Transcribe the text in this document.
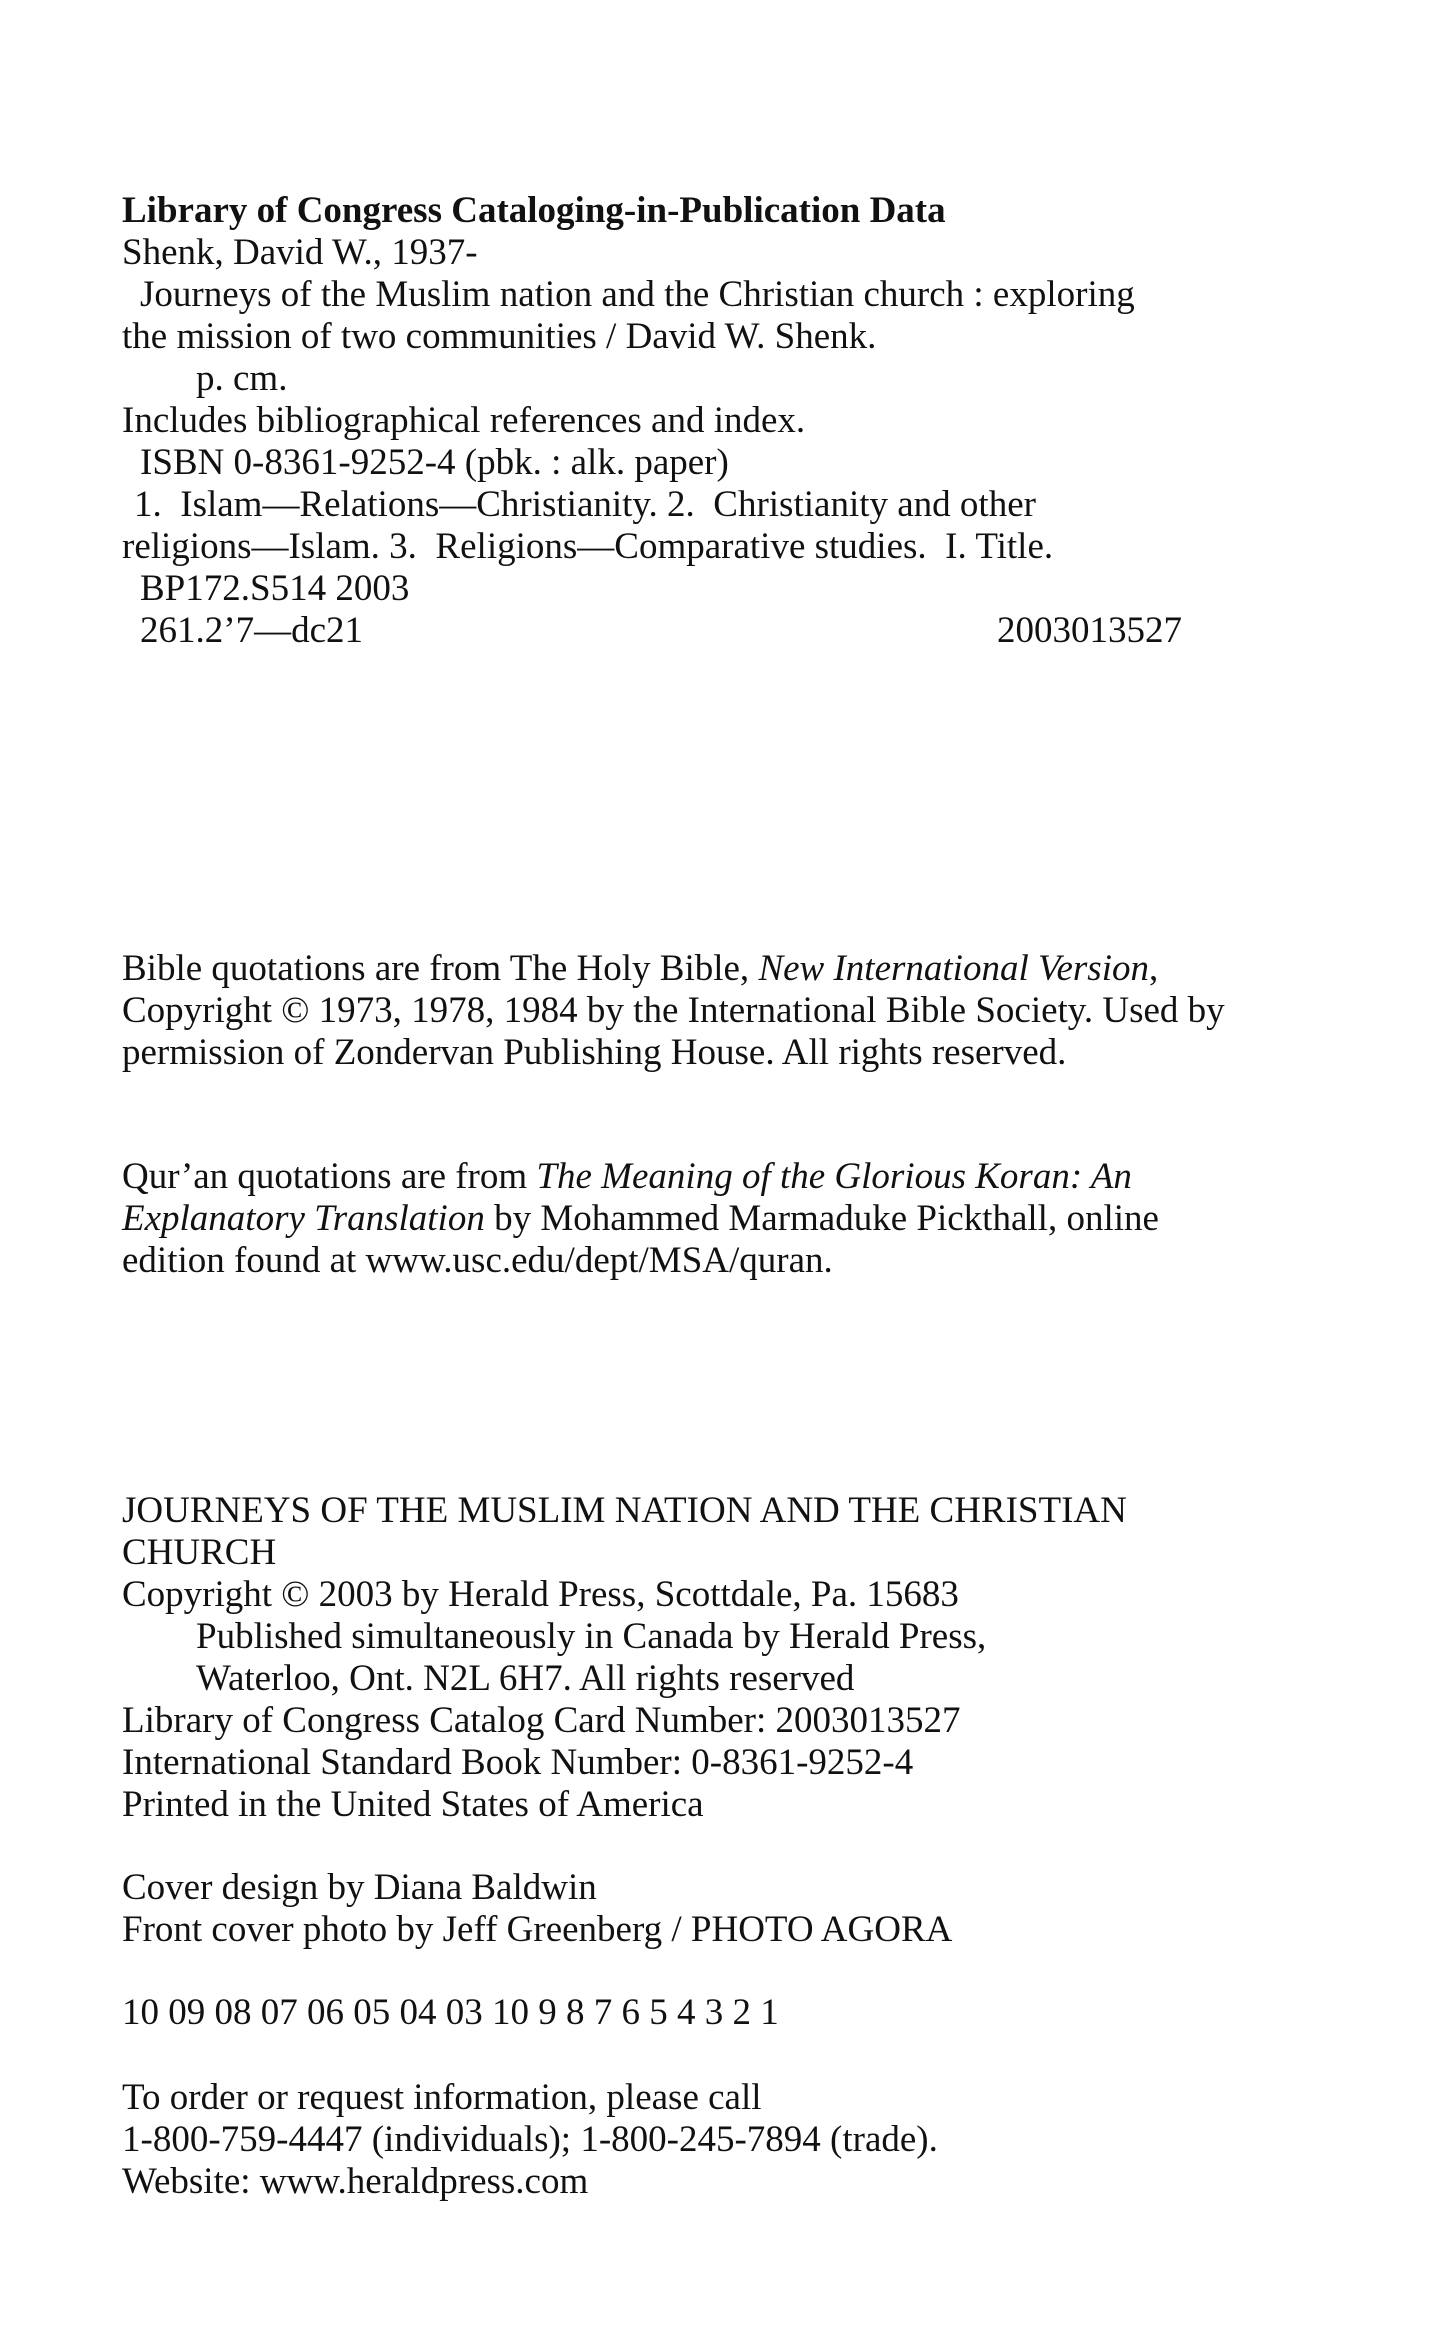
Library of Congress Cataloging-in-Publication Data
Shenk, David W., 1937-
Journeys of the Muslim nation and the Christian church : exploring
the mission of two communities / David W. Shenk.
p. cm.
Includes bibliographical references and index.
ISBN 0-8361-9252-4 (pbk. : alk. paper)
1.  Islam—Relations—Christianity. 2.  Christianity and other
religions—Islam. 3.  Religions—Comparative studies.  I. Title.
BP172.S514 2003
261.2’7—dc21	2003013527
Bible quotations are from The Holy Bible, New International Version,
Copyright © 1973, 1978, 1984 by the International Bible Society. Used by
permission of Zondervan Publishing House. All rights reserved.
Qur’an quotations are from The Meaning of the Glorious Koran: An
Explanatory Translation by Mohammed Marmaduke Pickthall, online
edition found at www.usc.edu/dept/MSA/quran.
JOURNEYS OF THE MUSLIM NATION AND THE CHRISTIAN
CHURCH
Copyright © 2003 by Herald Press, Scottdale, Pa. 15683
Published simultaneously in Canada by Herald Press,
Waterloo, Ont. N2L 6H7. All rights reserved
Library of Congress Catalog Card Number: 2003013527
International Standard Book Number: 0-8361-9252-4
Printed in the United States of America
Cover design by Diana Baldwin
Front cover photo by Jeff Greenberg / PHOTO AGORA
10 09 08 07 06 05 04 03 10 9 8 7 6 5 4 3 2 1
To order or request information, please call
1-800-759-4447 (individuals); 1-800-245-7894 (trade).
Website: www.heraldpress.com
